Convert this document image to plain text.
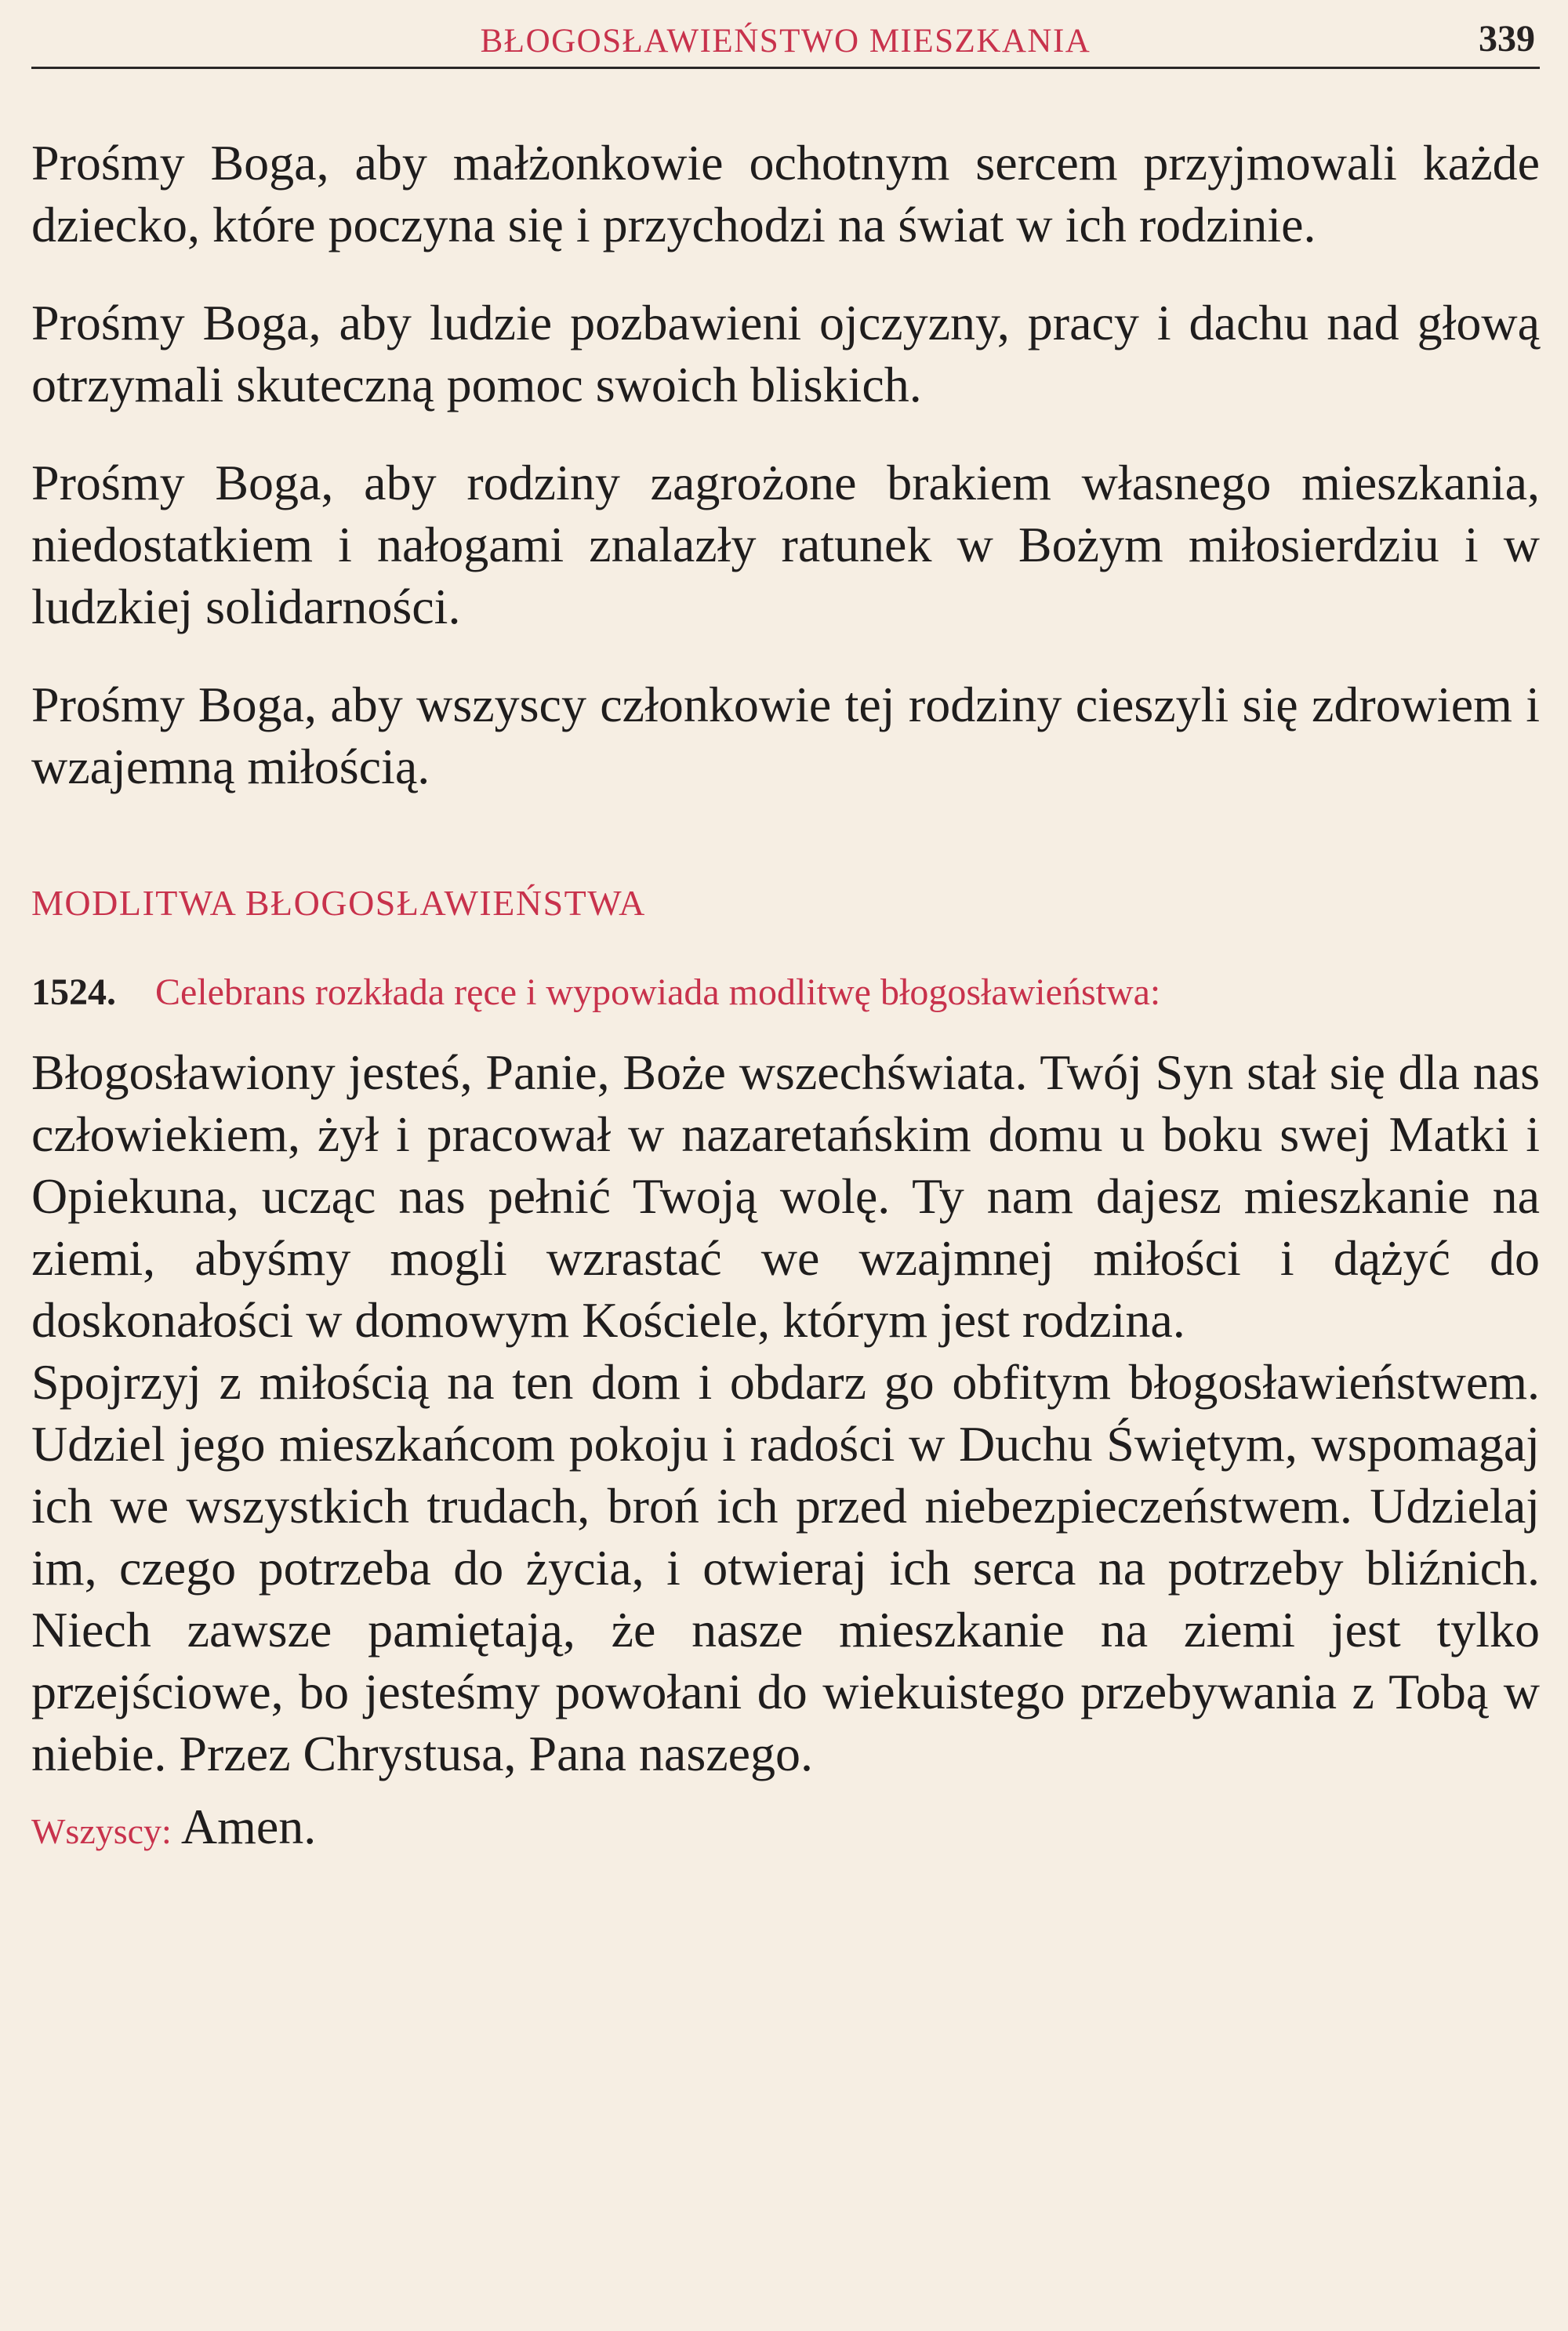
BŁOGOSŁAWIEŃSTWO MIESZKANIA	339

Prośmy Boga, aby małżonkowie ochotnym sercem przyjmowali każde dziecko, które poczyna się i przychodzi na świat w ich rodzinie.

Prośmy Boga, aby ludzie pozbawieni ojczyzny, pracy i dachu nad głową otrzymali skuteczną pomoc swoich bliskich.

Prośmy Boga, aby rodziny zagrożone brakiem własnego mieszkania, niedostatkiem i nałogami znalazły ratunek w Bożym miłosierdziu i w ludzkiej solidarności.

Prośmy Boga, aby wszyscy członkowie tej rodziny cieszyli się zdrowiem i wzajemną miłością.

MODLITWA BŁOGOSŁAWIEŃSTWA
1524. Celebrans rozkłada ręce i wypowiada modlitwę błogosławieństwa:

Błogosławiony jesteś, Panie, Boże wszechświata. Twój Syn stał się dla nas człowiekiem, żył i pracował w nazaretańskim domu u boku swej Matki i Opiekuna, ucząc nas pełnić Twoją wolę. Ty nam dajesz mieszkanie na ziemi, abyśmy mogli wzrastać we wzajmnej miłości i dążyć do doskonałości w domowym Kościele, którym jest rodzina.

Spojrzyj z miłością na ten dom i obdarz go obfitym błogosławieństwem. Udziel jego mieszkańcom pokoju i radości w Duchu Świętym, wspomagaj ich we wszystkich trudach, broń ich przed niebezpieczeństwem. Udzielaj im, czego potrzeba do życia, i otwieraj ich serca na potrzeby bliźnich. Niech zawsze pamiętają, że nasze mieszkanie na ziemi jest tylko przejściowe, bo jesteśmy powołani do wiekuistego przebywania z Tobą w niebie. Przez Chrystusa, Pana naszego.

Wszyscy: Amen.
